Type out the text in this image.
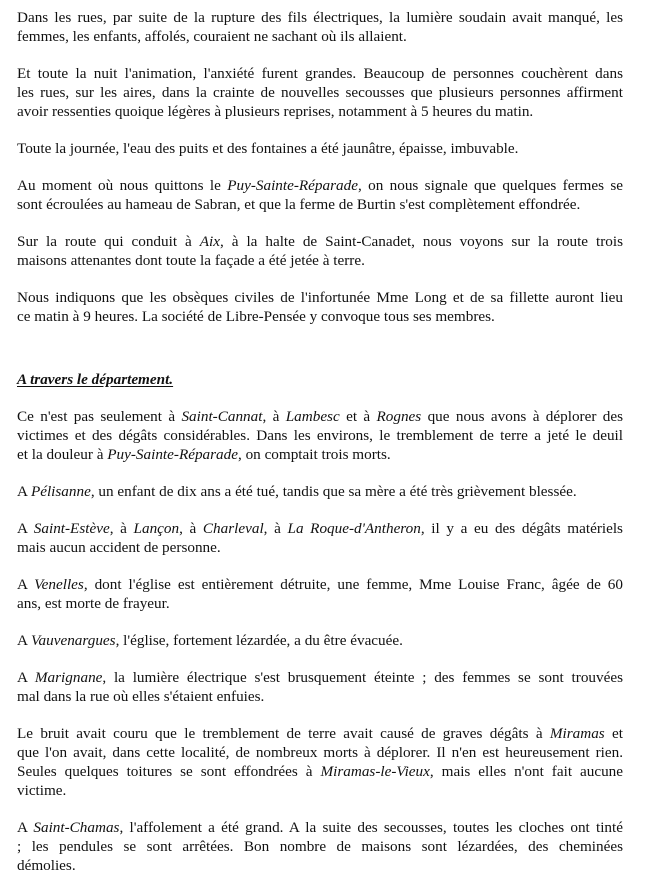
Dans les rues, par suite de la rupture des fils électriques, la lumière soudain avait manqué, les
femmes, les enfants, affolés, couraient ne sachant où ils allaient.

Et toute la nuit l'animation, l'anxiété furent grandes. Beaucoup de personnes couchèrent dans
les rues, sur les aires, dans la crainte de nouvelles secousses que plusieurs personnes affirment
avoir ressenties quoique légères à plusieurs reprises, notamment à 5 heures du matin.

Toute la journée, l'eau des puits et des fontaines a été jaunâtre, épaisse, imbuvable.

Au moment où nous quittons le Puy-Sainte-Réparade, on nous signale que quelques fermes se
sont écroulées au hameau de Sabran, et que la ferme de Burtin s'est complètement effondrée.

Sur la route qui conduit à Aix, à la halte de Saint-Canadet, nous voyons sur la route trois
maisons attenantes dont toute la façade a été jetée à terre.

Nous indiquons que les obsèques civiles de l'infortunée Mme Long et de sa fillette auront lieu
ce matin à 9 heures. La société de Libre-Pensée y convoque tous ses membres.

A travers le département.

Ce n'est pas seulement à Saint-Cannat, à Lambesc et à Rognes que nous avons à déplorer des
victimes et des dégâts considérables. Dans les environs, le tremblement de terre a jeté le deuil
et la douleur à Puy-Sainte-Réparade, on comptait trois morts.

A Pélisanne, un enfant de dix ans a été tué, tandis que sa mère a été très grièvement blessée.

A Saint-Estève, à Lançon, à Charleval, à La Roque-d'Antheron, il y a eu des dégâts matériels
mais aucun accident de personne.

A Venelles, dont l'église est entièrement détruite, une femme, Mme Louise Franc, âgée de 60
ans, est morte de frayeur.

A Vauvenargues, l'église, fortement lézardée, a du être évacuée.

A Marignane, la lumière électrique s'est brusquement éteinte ; des femmes se sont trouvées
mal dans la rue où elles s'étaient enfuies.

Le bruit avait couru que le tremblement de terre avait causé de graves dégâts à Miramas et
que l'on avait, dans cette localité, de nombreux morts à déplorer. Il n'en est heureusement rien.
Seules quelques toitures se sont effondrées à Miramas-le-Vieux, mais elles n'ont fait aucune
victime.

A Saint-Chamas, l'affolement a été grand. A la suite des secousses, toutes les cloches ont tinté
; les pendules se sont arrêtées. Bon nombre de maisons sont lézardées, des cheminées
démolies.
